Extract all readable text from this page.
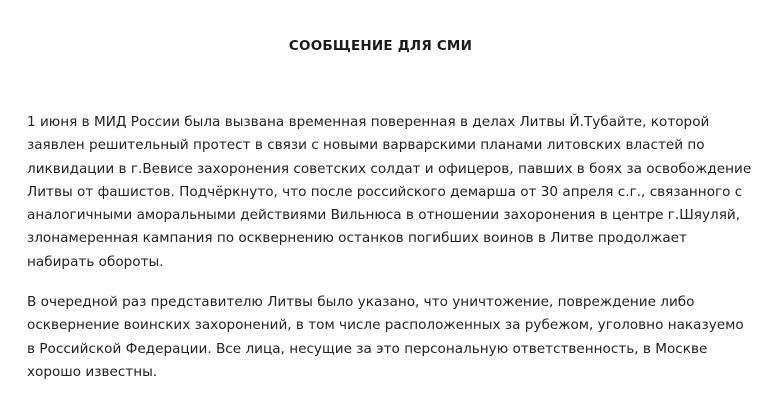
СООБЩЕНИЕ ДЛЯ СМИ

1 июня в МИД России была вызвана временная поверенная в делах Литвы Й.Тубайте, которой
заявлен решительный протест в связи с новыми варварскими планами литовских властей по
ликвидации в г.Вевисе захоронения советских солдат и офицеров, павших в боях за освобождение
Литвы от фашистов. Подчёркнуто, что после российского демарша от 30 апреля с.г., связанного с
аналогичными аморальными действиями Вильнюса в отношении захоронения в центре г.Шяуляй,
злонамеренная кампания по осквернению останков погибших воинов в Литве продолжает
набирать обороты.

В очередной раз представителю Литвы было указано, что уничтожение, повреждение либо
осквернение воинских захоронений, в том числе расположенных за рубежом, уголовно наказуемо
в Российской Федерации. Все лица, несущие за это персональную ответственность, в Москве
хорошо известны.
